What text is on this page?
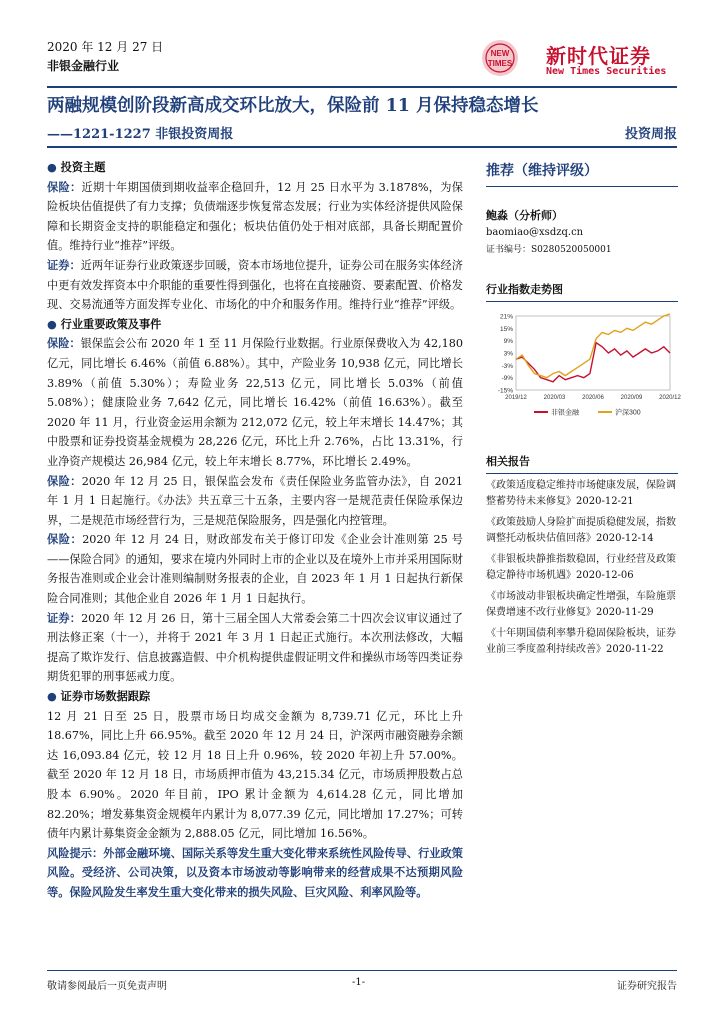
2020 年 12 月 27 日
非银金融行业
NEW
TIMES 新时代证券
New Times Securities
两融规模创阶段新高成交环比放大，保险前 11 月保持稳态增长
——1221-1227 非银投资周报	投资周报

● 投资主题

保险：近期十年期国债到期收益率企稳回升，12 月 25 日水平为 3.1878%，为保险板块估值提供了有力支撑；负债端逐步恢复常态发展；行业为实体经济提供风险保障和长期资金支持的职能稳定和强化；板块估值仍处于相对底部，具备长期配置价值。维持行业“推荐”评级。

证券：近两年证券行业政策逐步回暖，资本市场地位提升，证券公司在服务实体经济中更有效发挥资本中介职能的重要性得到强化，也将在直接融资、要素配置、价格发现、交易流通等方面发挥专业化、市场化的中介和服务作用。维持行业“推荐”评级。

● 行业重要政策及事件

保险：银保监会公布 2020 年 1 至 11 月保险行业数据。行业原保费收入为 42,180 亿元，同比增长 6.46%（前值 6.88%）。其中，产险业务 10,938 亿元，同比增长 3.89%（前值 5.30%）；寿险业务 22,513 亿元，同比增长 5.03%（前值 5.08%）；健康险业务 7,642 亿元，同比增长 16.42%（前值 16.63%）。截至 2020 年 11 月，行业资金运用余额为 212,072 亿元，较上年末增长 14.47%；其中股票和证券投资基金规模为 28,226 亿元，环比上升 2.76%，占比 13.31%，行业净资产规模达 26,984 亿元，较上年末增长 8.77%，环比增长 2.49%。

保险：2020 年 12 月 25 日，银保监会发布《责任保险业务监管办法》，自 2021 年 1 月 1 日起施行。《办法》共五章三十五条，主要内容一是规范责任保险承保边界，二是规范市场经营行为，三是规范保险服务，四是强化内控管理。

保险：2020 年 12 月 24 日，财政部发布关于修订印发《企业会计准则第 25 号——保险合同》的通知，要求在境内外同时上市的企业以及在境外上市并采用国际财务报告准则或企业会计准则编制财务报表的企业，自 2023 年 1 月 1 日起执行新保险合同准则；其他企业自 2026 年 1 月 1 日起执行。

证券：2020 年 12 月 26 日，第十三届全国人大常委会第二十四次会议审议通过了刑法修正案（十一），并将于 2021 年 3 月 1 日起正式施行。本次刑法修改，大幅提高了欺诈发行、信息披露造假、中介机构提供虚假证明文件和操纵市场等四类证券期货犯罪的刑事惩戒力度。

● 证券市场数据跟踪

12 月 21 日至 25 日，股票市场日均成交金额为 8,739.71 亿元，环比上升 18.67%，同比上升 66.95%。截至 2020 年 12 月 24 日，沪深两市融资融券余额达 16,093.84 亿元，较 12 月 18 日上升 0.96%，较 2020 年初上升 57.00%。截至 2020 年 12 月 18 日，市场质押市值为 43,215.34 亿元，市场质押股数占总股本 6.90%。2020 年目前，IPO 累计金额为 4,614.28 亿元，同比增加 82.20%；增发募集资金规模年内累计为 8,077.39 亿元，同比增加 17.27%；可转债年内累计募集资金金额为 2,888.05 亿元，同比增加 16.56%。

风险提示：外部金融环境、国际关系等发生重大变化带来系统性风险传导、行业政策风险。受经济、公司决策，以及资本市场波动等影响带来的经营成果不达预期风险等。保险风险发生率发生重大变化带来的损失风险、巨灾风险、利率风险等。

推荐（维持评级）
鲍淼（分析师）
baomiao@xsdzq.cn
证书编号：S0280520050001
行业指数走势图
21%
15%
9%
3%
-3%
-9%
-15%
2019/12	2020/03	2020/06	2020/09	2020/12
非银金融	沪深300
相关报告
《政策适度稳定维持市场健康发展，保险调整蓄势待未来修复》2020-12-21
《政策鼓励人身险扩面提质稳健发展，指数调整托动板块估值回落》2020-12-14
《非银板块静推指数稳固，行业经营及政策稳定静待市场机遇》2020-12-06
《市场波动非银板块确定性增强，车险施票保费增速不改行业修复》2020-11-29
《十年期国债利率攀升稳固保险板块，证券业前三季度盈利持续改善》2020-11-22
敬请参阅最后一页免责声明	-1-	证券研究报告
